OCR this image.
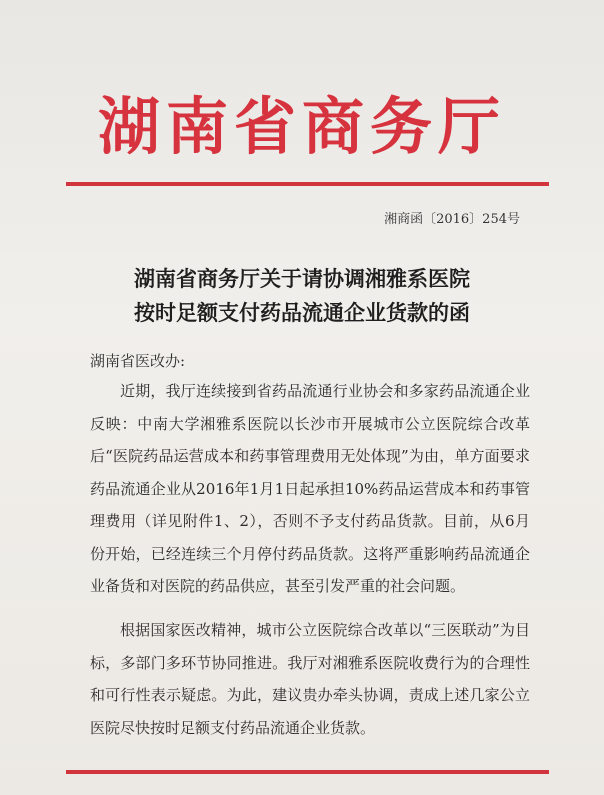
湖南省商务厅
湘商函〔2016〕254号
湖南省商务厅关于请协调湘雅系医院
按时足额支付药品流通企业货款的函
湖南省医改办:
近期，我厅连续接到省药品流通行业协会和多家药品流通企业反映：中南大学湘雅系医院以长沙市开展城市公立医院综合改革后“医院药品运营成本和药事管理费用无处体现”为由，单方面要求药品流通企业从2016年1月1日起承担10%药品运营成本和药事管理费用（详见附件1、2），否则不予支付药品货款。目前，从6月份开始，已经连续三个月停付药品货款。这将严重影响药品流通企业备货和对医院的药品供应，甚至引发严重的社会问题。
根据国家医改精神，城市公立医院综合改革以“三医联动”为目标，多部门多环节协同推进。我厅对湘雅系医院收费行为的合理性和可行性表示疑虑。为此，建议贵办牵头协调，责成上述几家公立医院尽快按时足额支付药品流通企业货款。
